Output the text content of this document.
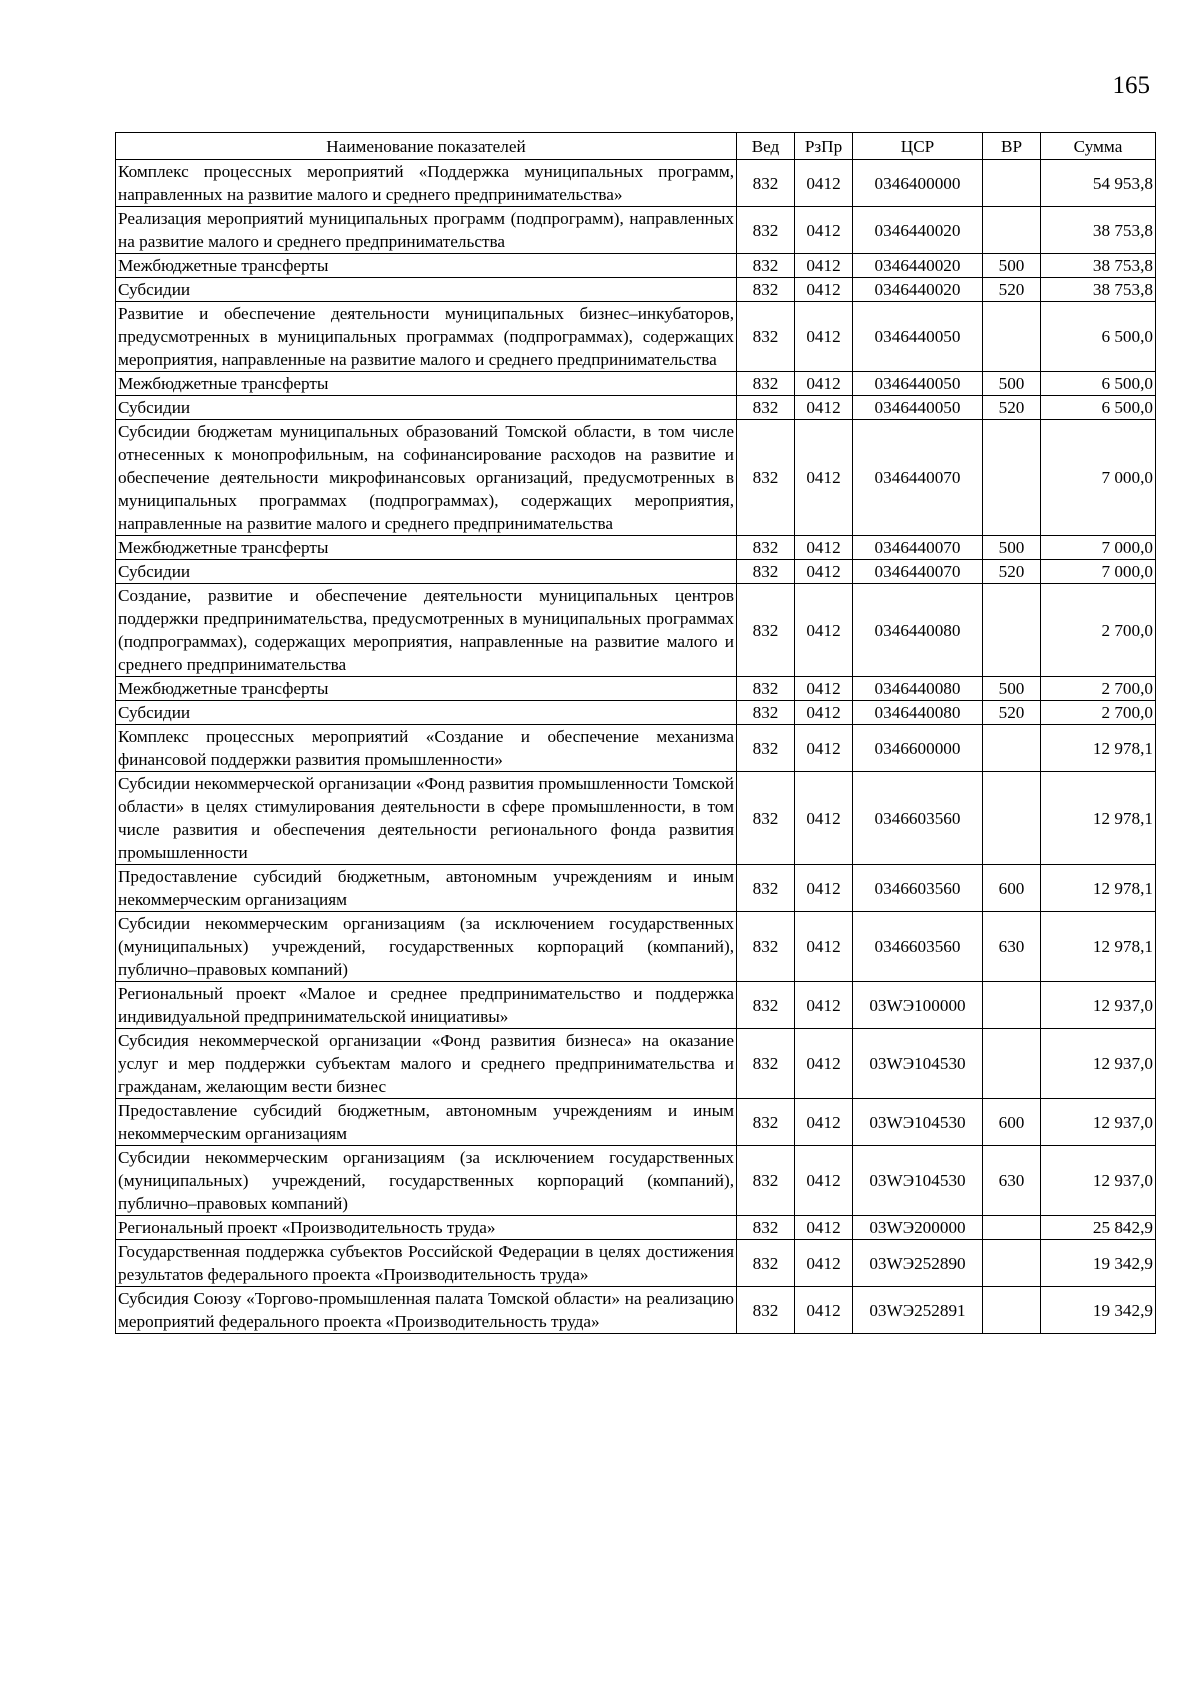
165
Наименование показателей	Вед	РзПр	ЦСР	ВР	Сумма
Комплекс процессных мероприятий «Поддержка муниципальных программ, направленных на развитие малого и среднего предпринимательства»	832	0412	0346400000		54 953,8
Реализация мероприятий муниципальных программ (подпрограмм), направленных на развитие малого и среднего предпринимательства	832	0412	0346440020		38 753,8
Межбюджетные трансферты	832	0412	0346440020	500	38 753,8
Субсидии	832	0412	0346440020	520	38 753,8
Развитие и обеспечение деятельности муниципальных бизнес–инкубаторов, предусмотренных в муниципальных программах (подпрограммах), содержащих мероприятия, направленные на развитие малого и среднего предпринимательства	832	0412	0346440050		6 500,0
Межбюджетные трансферты	832	0412	0346440050	500	6 500,0
Субсидии	832	0412	0346440050	520	6 500,0
Субсидии бюджетам муниципальных образований Томской области, в том числе отнесенных к монопрофильным, на софинансирование расходов на развитие и обеспечение деятельности микрофинансовых организаций, предусмотренных в муниципальных программах (подпрограммах), содержащих мероприятия, направленные на развитие малого и среднего предпринимательства	832	0412	0346440070		7 000,0
Межбюджетные трансферты	832	0412	0346440070	500	7 000,0
Субсидии	832	0412	0346440070	520	7 000,0
Создание, развитие и обеспечение деятельности муниципальных центров поддержки предпринимательства, предусмотренных в муниципальных программах (подпрограммах), содержащих мероприятия, направленные на развитие малого и среднего предпринимательства	832	0412	0346440080		2 700,0
Межбюджетные трансферты	832	0412	0346440080	500	2 700,0
Субсидии	832	0412	0346440080	520	2 700,0
Комплекс процессных мероприятий «Создание и обеспечение механизма финансовой поддержки развития промышленности»	832	0412	0346600000		12 978,1
Субсидии некоммерческой организации «Фонд развития промышленности Томской области» в целях стимулирования деятельности в сфере промышленности, в том числе развития и обеспечения деятельности регионального фонда развития промышленности	832	0412	0346603560		12 978,1
Предоставление субсидий бюджетным, автономным учреждениям и иным некоммерческим организациям	832	0412	0346603560	600	12 978,1
Субсидии некоммерческим организациям (за исключением государственных (муниципальных) учреждений, государственных корпораций (компаний), публично–правовых компаний)	832	0412	0346603560	630	12 978,1
Региональный проект «Малое и среднее предпринимательство и поддержка индивидуальной предпринимательской инициативы»	832	0412	03WЭ100000		12 937,0
Субсидия некоммерческой организации «Фонд развития бизнеса» на оказание услуг и мер поддержки субъектам малого и среднего предпринимательства и гражданам, желающим вести бизнес	832	0412	03WЭ104530		12 937,0
Предоставление субсидий бюджетным, автономным учреждениям и иным некоммерческим организациям	832	0412	03WЭ104530	600	12 937,0
Субсидии некоммерческим организациям (за исключением государственных (муниципальных) учреждений, государственных корпораций (компаний), публично–правовых компаний)	832	0412	03WЭ104530	630	12 937,0
Региональный проект «Производительность труда»	832	0412	03WЭ200000		25 842,9
Государственная поддержка субъектов Российской Федерации в целях достижения результатов федерального проекта «Производительность труда»	832	0412	03WЭ252890		19 342,9
Субсидия Союзу «Торгово-промышленная палата Томской области» на реализацию мероприятий федерального проекта «Производительность труда»	832	0412	03WЭ252891		19 342,9
